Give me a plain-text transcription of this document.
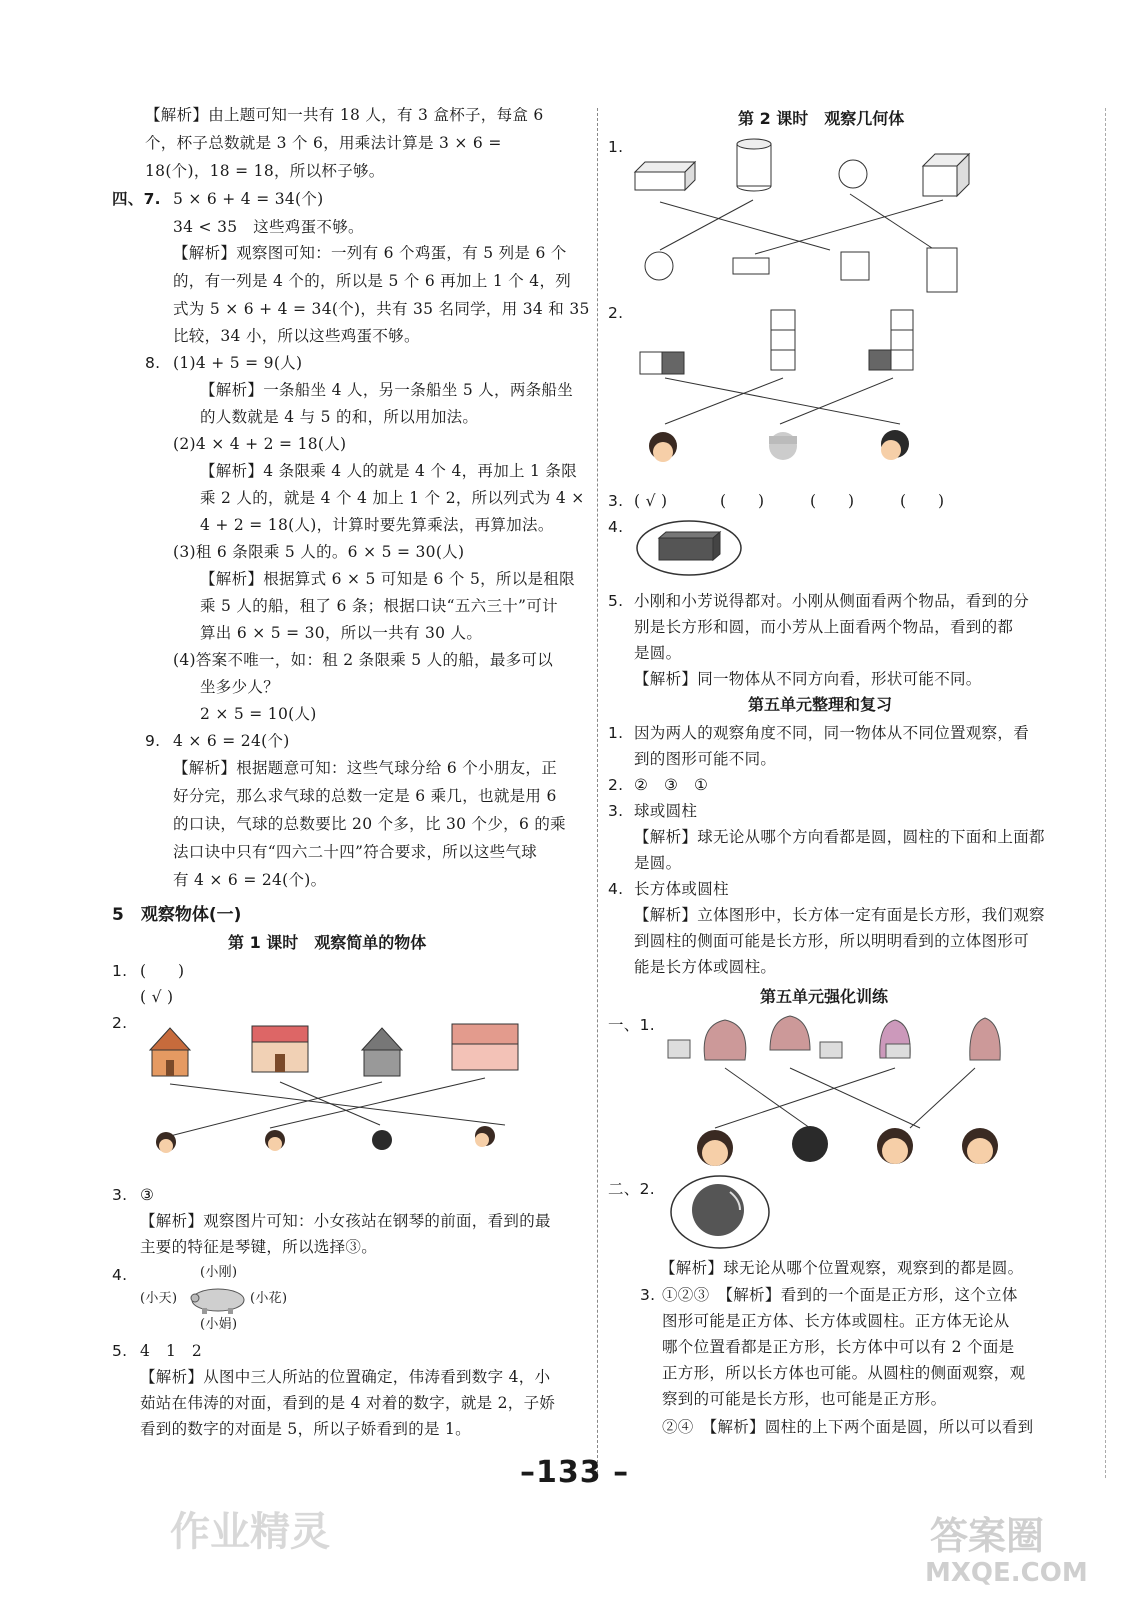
【解析】由上题可知一共有 18 人，有 3 盒杯子，每盒 6
个，杯子总数就是 3 个 6，用乘法计算是 3 × 6 =
18(个)，18 = 18，所以杯子够。
四、7. 5 × 6 + 4 = 34(个)
34 < 35　这些鸡蛋不够。
【解析】观察图可知：一列有 6 个鸡蛋，有 5 列是 6 个
的，有一列是 4 个的，所以是 5 个 6 再加上 1 个 4，列
式为 5 × 6 + 4 = 34(个)，共有 35 名同学，用 34 和 35
比较，34 小，所以这些鸡蛋不够。
8. (1)4 + 5 = 9(人)
【解析】一条船坐 4 人，另一条船坐 5 人，两条船坐
的人数就是 4 与 5 的和，所以用加法。
(2)4 × 4 + 2 = 18(人)
【解析】4 条限乘 4 人的就是 4 个 4，再加上 1 条限
乘 2 人的，就是 4 个 4 加上 1 个 2，所以列式为 4 ×
4 + 2 = 18(人)，计算时要先算乘法，再算加法。
(3)租 6 条限乘 5 人的。6 × 5 = 30(人)
【解析】根据算式 6 × 5 可知是 6 个 5，所以是租限
乘 5 人的船，租了 6 条；根据口诀“五六三十”可计
算出 6 × 5 = 30，所以一共有 30 人。
(4)答案不唯一，如：租 2 条限乘 5 人的船，最多可以
坐多少人？
2 × 5 = 10(人)
9. 4 × 6 = 24(个)
【解析】根据题意可知：这些气球分给 6 个小朋友，正
好分完，那么求气球的总数一定是 6 乘几，也就是用 6
的口诀，气球的总数要比 20 个多，比 30 个少，6 的乘
法口诀中只有“四六二十四”符合要求，所以这些气球
有 4 × 6 = 24(个)。
5　观察物体(一)
第 1 课时　观察简单的物体
1. (　　)
( √ )
2.
3. ③
【解析】观察图片可知：小女孩站在钢琴的前面，看到的最
主要的特征是琴键，所以选择③。
4.	(小刚)
(小天)	(小花)
(小娟)
5. 4　1　2
【解析】从图中三人所站的位置确定，伟涛看到数字 4，小
茹站在伟涛的对面，看到的是 4 对着的数字，就是 2，子娇
看到的数字的对面是 5，所以子娇看到的是 1。
第 2 课时　观察几何体
1.
2.
3. ( √ )	(　　)	(　　)	(　　)
4.
5. 小刚和小芳说得都对。小刚从侧面看两个物品，看到的分
别是长方形和圆，而小芳从上面看两个物品，看到的都
是圆。
【解析】同一物体从不同方向看，形状可能不同。
第五单元整理和复习
1. 因为两人的观察角度不同，同一物体从不同位置观察，看
到的图形可能不同。
2. ②　③　①
3. 球或圆柱
【解析】球无论从哪个方向看都是圆，圆柱的下面和上面都
是圆。
4. 长方体或圆柱
【解析】立体图形中，长方体一定有面是长方形，我们观察
到圆柱的侧面可能是长方形，所以明明看到的立体图形可
能是长方体或圆柱。
第五单元强化训练
一、1.
二、2.
【解析】球无论从哪个位置观察，观察到的都是圆。
3. ①②③　【解析】看到的一个面是正方形，这个立体
图形可能是正方体、长方体或圆柱。正方体无论从
哪个位置看都是正方形，长方体中可以有 2 个面是
正方形，所以长方体也可能。从圆柱的侧面观察，观
察到的可能是长方形，也可能是正方形。
②④　【解析】圆柱的上下两个面是圆，所以可以看到
–133 –
作业精灵	答案圈
MXQE.COM
